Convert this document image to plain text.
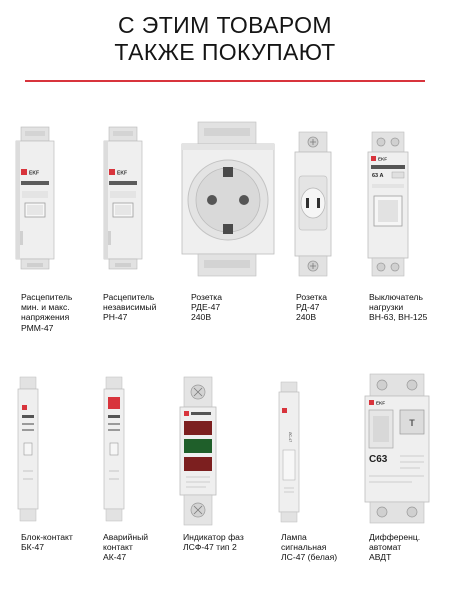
С ЭТИМ ТОВАРОМ
ТАКЖЕ ПОКУПАЮТ
EKF
Расцепитель
мин. и макс.
напряжения
РММ-47
EKF
Расцепитель
независимый
РН-47
Розетка
РДЕ-47
240В
Розетка
РД-47
240В
EKF
63 A
Выключатель
нагрузки
ВН-63, ВН-125
Блок-контакт
БК-47
Аварийный
контакт
АК-47
Индикатор фаз
ЛСФ-47 тип 2
ЛС-47
Лампа
сигнальная
ЛС-47 (белая)
EKF
T
C63
Дифференц.
автомат
АВДТ
